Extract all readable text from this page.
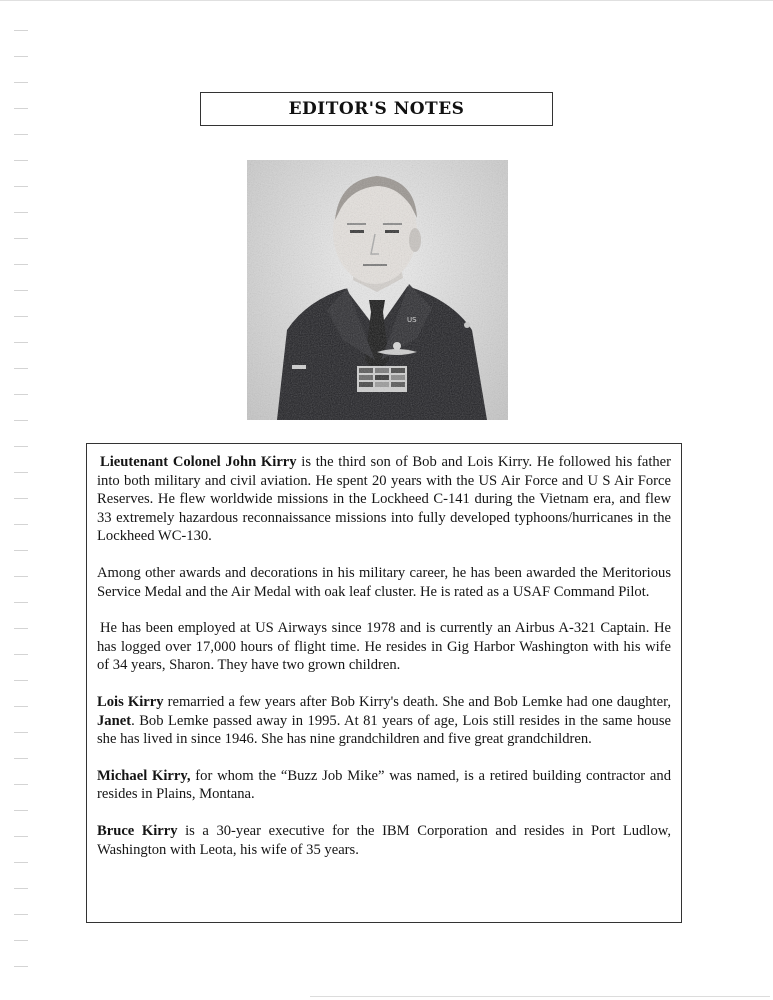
EDITOR'S NOTES

Lieutenant Colonel John Kirry is the third son of Bob and Lois Kirry. He followed his father into both military and civil aviation. He spent 20 years with the US Air Force and U S Air Force Reserves. He flew worldwide missions in the Lockheed C-141 during the Vietnam era, and flew 33 extremely hazardous reconnaissance missions into fully developed typhoons/hurricanes in the Lockheed WC-130.

Among other awards and decorations in his military career, he has been awarded the Meritorious Service Medal and the Air Medal with oak leaf cluster. He is rated as a USAF Command Pilot.

He has been employed at US Airways since 1978 and is currently an Airbus A-321 Captain. He has logged over 17,000 hours of flight time. He resides in Gig Harbor Washington with his wife of 34 years, Sharon. They have two grown children.

Lois Kirry remarried a few years after Bob Kirry's death. She and Bob Lemke had one daughter, Janet. Bob Lemke passed away in 1995. At 81 years of age, Lois still resides in the same house she has lived in since 1946. She has nine grandchildren and five great grandchildren.

Michael Kirry, for whom the “Buzz Job Mike” was named, is a retired building contractor and resides in Plains, Montana.

Bruce Kirry is a 30-year executive for the IBM Corporation and resides in Port Ludlow, Washington with Leota, his wife of 35 years.
